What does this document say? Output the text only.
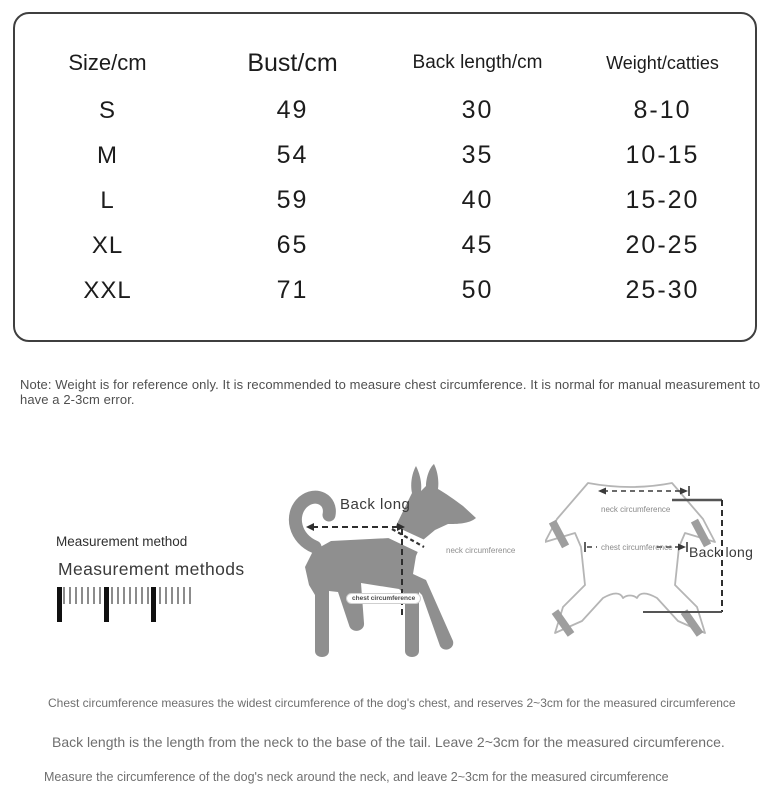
Size/cm	Bust/cm	Back length/cm	Weight/catties
S	49	30	8-10
M	54	35	10-15
L	59	40	15-20
XL	65	45	20-25
XXL	71	50	25-30
Note: Weight is for reference only. It is recommended to measure chest circumference. It is normal for manual measurement to have a 2-3cm error.
Measurement method
Measurement methods
Back long
neck circumference
chest circumference
neck circumference
chest circumference Back long
Chest circumference measures the widest circumference of the dog's chest, and reserves 2~3cm for the measured circumference
Back length is the length from the neck to the base of the tail. Leave 2~3cm for the measured circumference.
Measure the circumference of the dog's neck around the neck, and leave 2~3cm for the measured circumference
